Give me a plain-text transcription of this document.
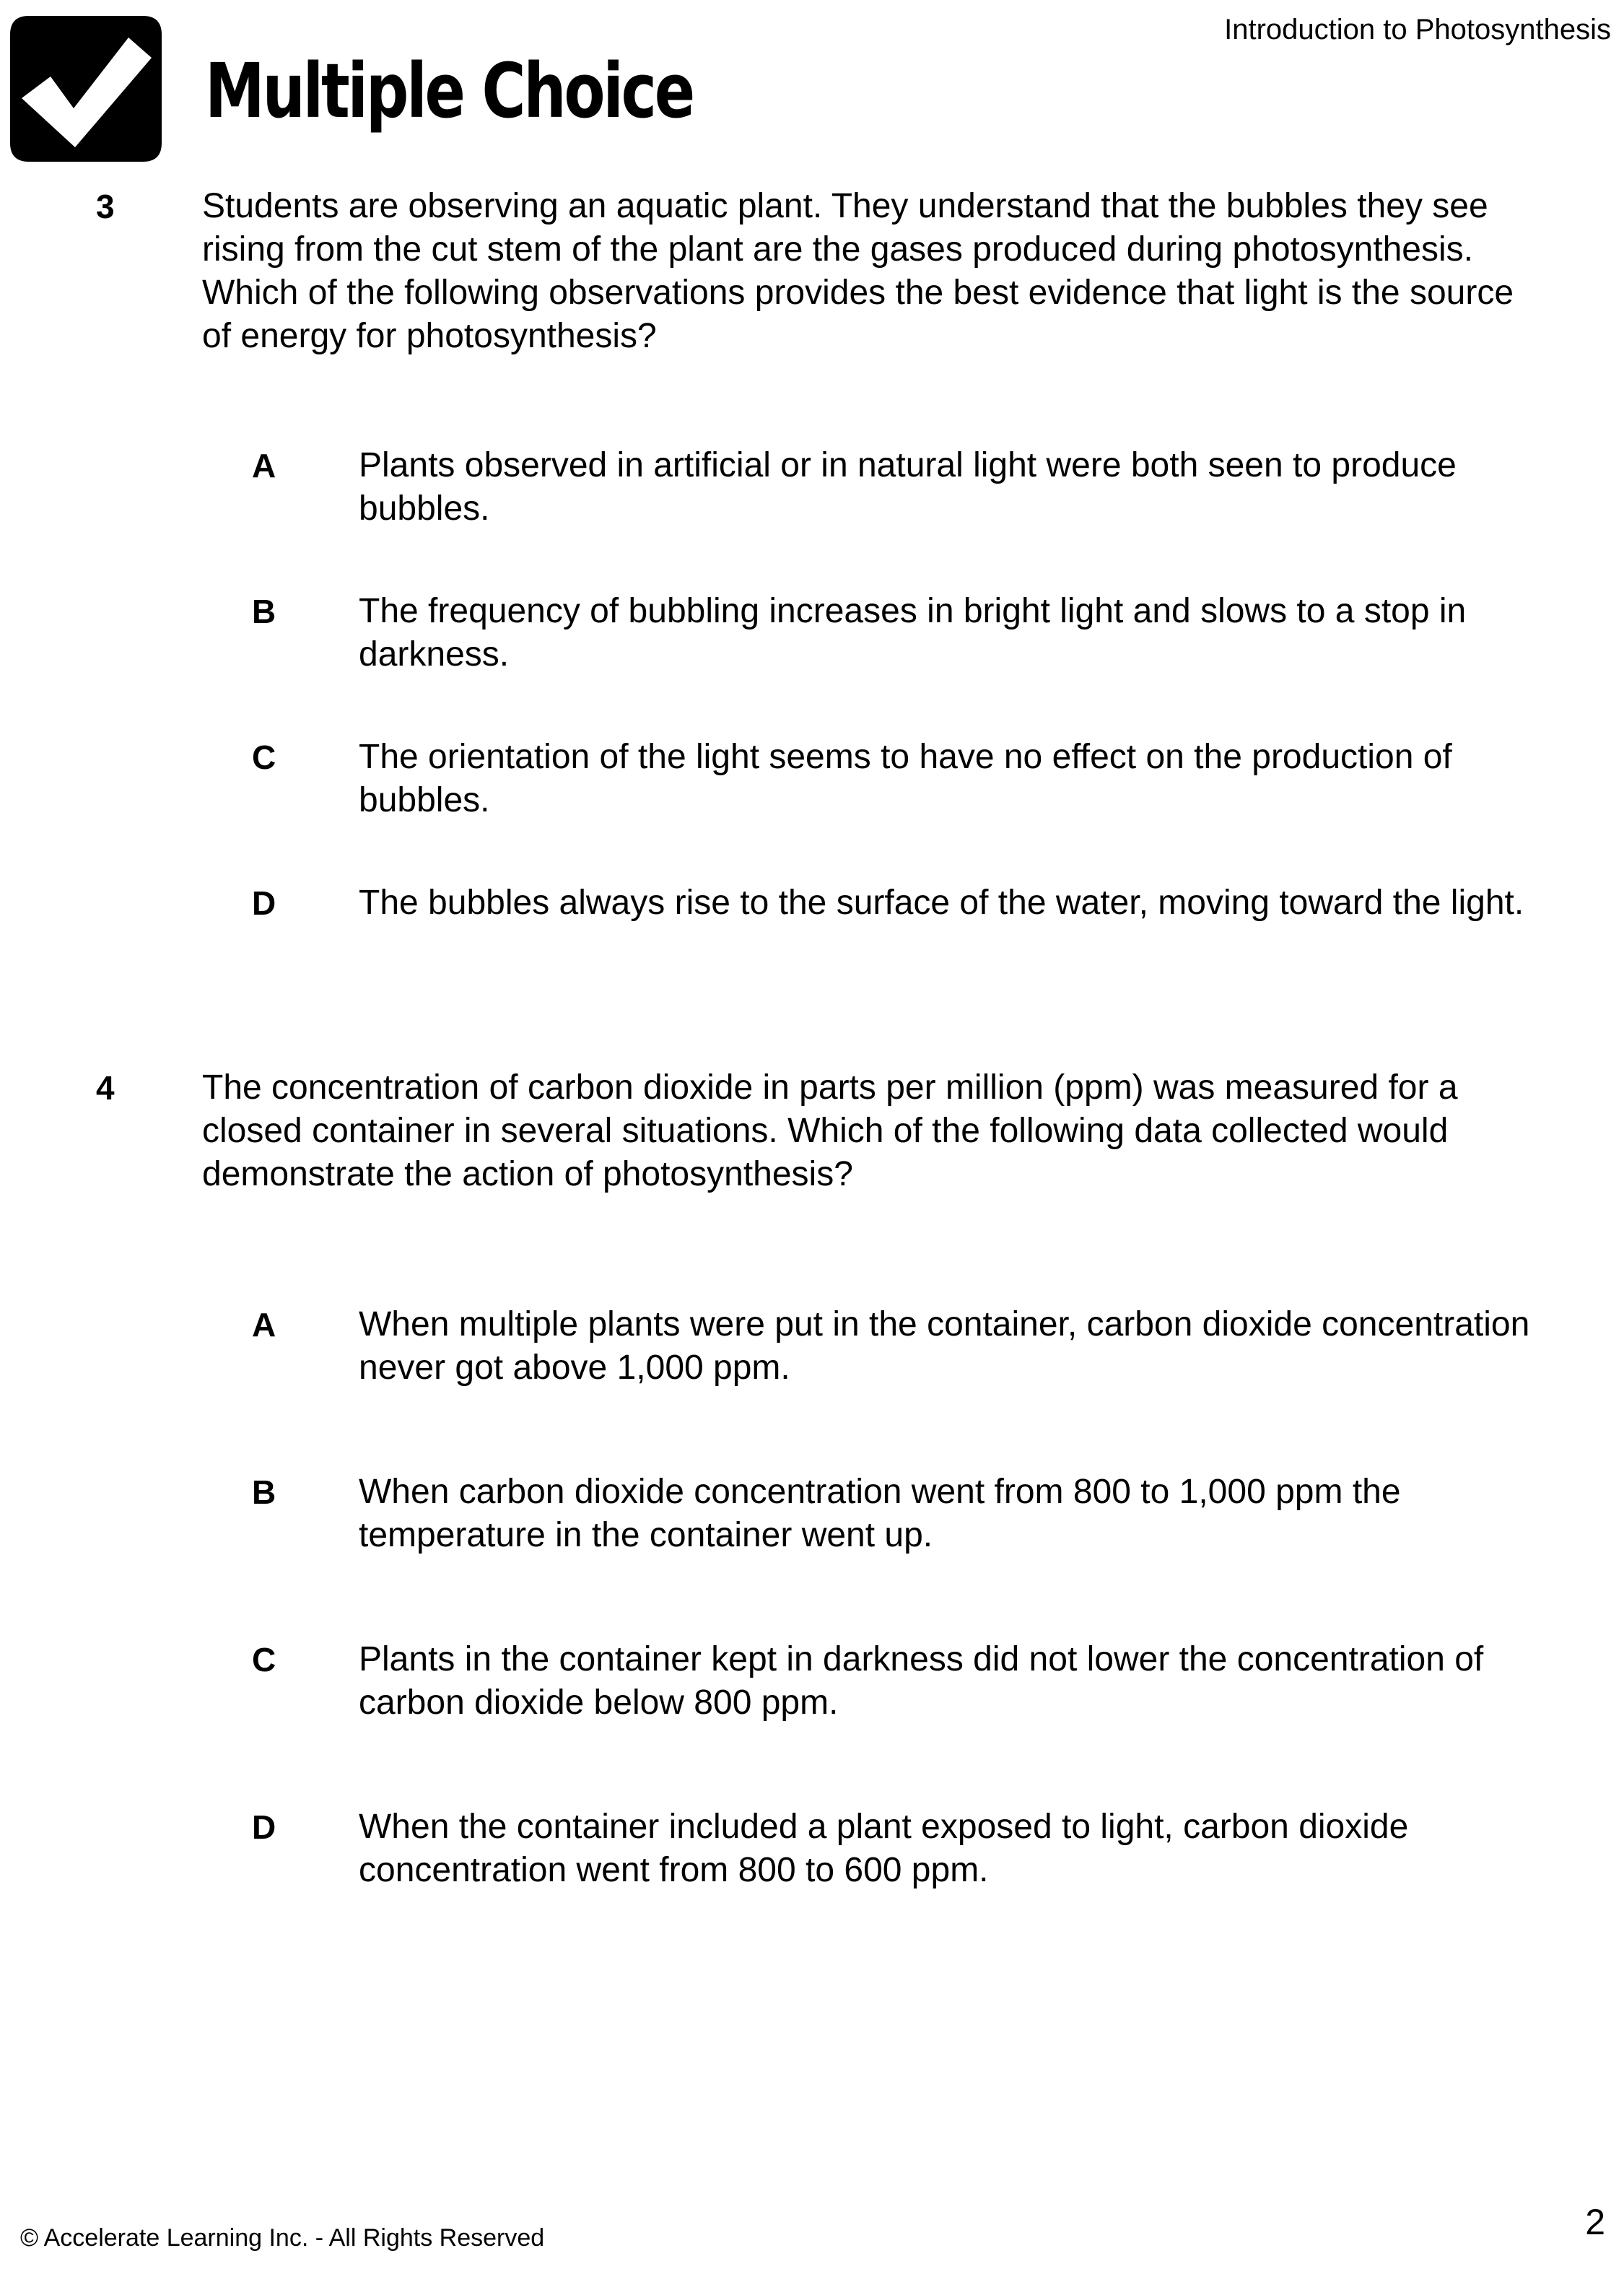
Introduction to Photosynthesis
Multiple Choice
3	Students are observing an aquatic plant. They understand that the bubbles they see rising from the cut stem of the plant are the gases produced during photosynthesis. Which of the following observations provides the best evidence that light is the source of energy for photosynthesis?
A Plants observed in artificial or in natural light were both seen to produce bubbles.
B The frequency of bubbling increases in bright light and slows to a stop in darkness.
C The orientation of the light seems to have no effect on the production of bubbles.
D The bubbles always rise to the surface of the water, moving toward the light.
4	The concentration of carbon dioxide in parts per million (ppm) was measured for a closed container in several situations. Which of the following data collected would demonstrate the action of photosynthesis?
A When multiple plants were put in the container, carbon dioxide concentration never got above 1,000 ppm.
B When carbon dioxide concentration went from 800 to 1,000 ppm the temperature in the container went up.
C Plants in the container kept in darkness did not lower the concentration of carbon dioxide below 800 ppm.
D When the container included a plant exposed to light, carbon dioxide concentration went from 800 to 600 ppm.
© Accelerate Learning Inc. - All Rights Reserved	2
